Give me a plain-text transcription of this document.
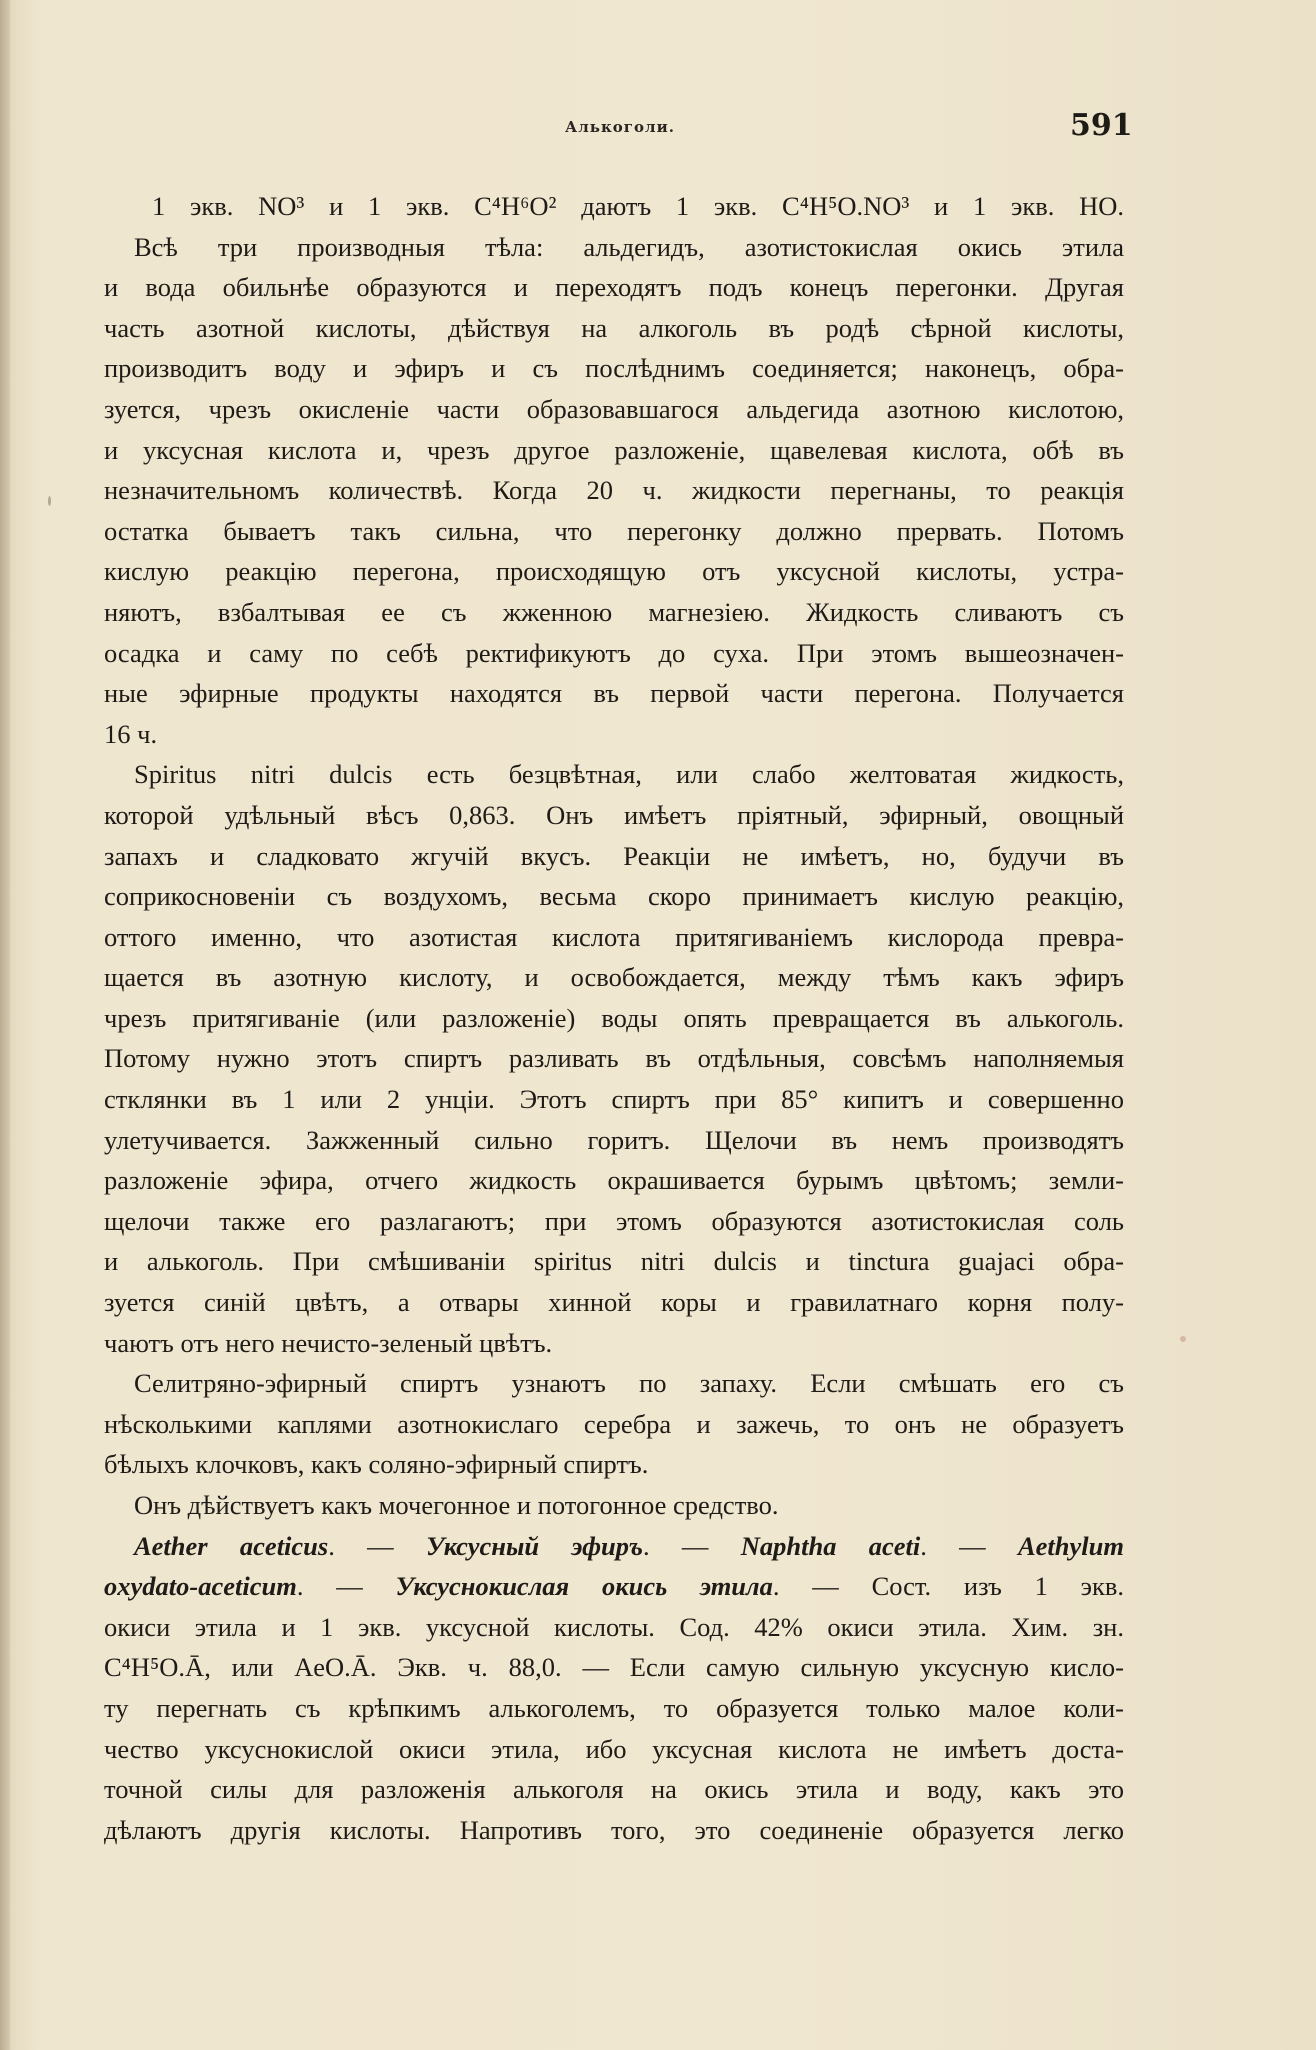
Алькоголи.	591
1 экв. NO³ и 1 экв. C⁴H⁶O² даютъ 1 экв. C⁴H⁵O.NO³ и 1 экв. HO.
Всѣ три производныя тѣла: альдегидъ, азотистокислая окись этила
и вода обильнѣе образуются и переходятъ подъ конецъ перегонки. Другая
часть азотной кислоты, дѣйствуя на алкоголь въ родѣ сѣрной кислоты,
производитъ воду и эфиръ и съ послѣднимъ соединяется; наконецъ, обра-
зуется, чрезъ окисленіе части образовавшагося альдегида азотною кислотою,
и уксусная кислота и, чрезъ другое разложеніе, щавелевая кислота, обѣ въ
незначительномъ количествѣ. Когда 20 ч. жидкости перегнаны, то реакція
остатка бываетъ такъ сильна, что перегонку должно прервать. Потомъ
кислую реакцію перегона, происходящую отъ уксусной кислоты, устра-
няютъ, взбалтывая ее съ жженною магнезіею. Жидкость сливаютъ съ
осадка и саму по себѣ ректификуютъ до суха. При этомъ вышеозначен-
ные эфирные продукты находятся въ первой части перегона. Получается
16 ч.
Spiritus nitri dulcis есть безцвѣтная, или слабо желтоватая жидкость,
которой удѣльный вѣсъ 0,863. Онъ имѣетъ пріятный, эфирный, овощный
запахъ и сладковато жгучій вкусъ. Реакціи не имѣетъ, но, будучи въ
соприкосновеніи съ воздухомъ, весьма скоро принимаетъ кислую реакцію,
оттого именно, что азотистая кислота притягиваніемъ кислорода превра-
щается въ азотную кислоту, и освобождается, между тѣмъ какъ эфиръ
чрезъ притягиваніе (или разложеніе) воды опять превращается въ алькоголь.
Потому нужно этотъ спиртъ разливать въ отдѣльныя, совсѣмъ наполняемыя
стклянки въ 1 или 2 унціи. Этотъ спиртъ при 85° кипитъ и совершенно
улетучивается. Зажженный сильно горитъ. Щелочи въ немъ производятъ
разложеніе эфира, отчего жидкость окрашивается бурымъ цвѣтомъ; земли-
щелочи также его разлагаютъ; при этомъ образуются азотистокислая соль
и алькоголь. При смѣшиваніи spiritus nitri dulcis и tinctura guajaci обра-
зуется синій цвѣтъ, а отвары хинной коры и гравилатнаго корня полу-
чаютъ отъ него нечисто-зеленый цвѣтъ.
Селитряно-эфирный спиртъ узнаютъ по запаху. Если смѣшать его съ
нѣсколькими каплями азотнокислаго серебра и зажечь, то онъ не образуетъ
бѣлыхъ клочковъ, какъ соляно-эфирный спиртъ.
Онъ дѣйствуетъ какъ мочегонное и потогонное средство.
Aether aceticus. — Уксусный эфиръ. — Naphtha aceti. — Aethylum
oxydato-aceticum. — Уксуснокислая окись этила. — Сост. изъ 1 экв.
окиси этила и 1 экв. уксусной кислоты. Сод. 42% окиси этила. Хим. зн.
C⁴H⁵O.Ā, или AeO.Ā. Экв. ч. 88,0. — Если самую сильную уксусную кисло-
ту перегнать съ крѣпкимъ алькоголемъ, то образуется только малое коли-
чество уксуснокислой окиси этила, ибо уксусная кислота не имѣетъ доста-
точной силы для разложенія алькоголя на окись этила и воду, какъ это
дѣлаютъ другія кислоты. Напротивъ того, это соединеніе образуется легко
